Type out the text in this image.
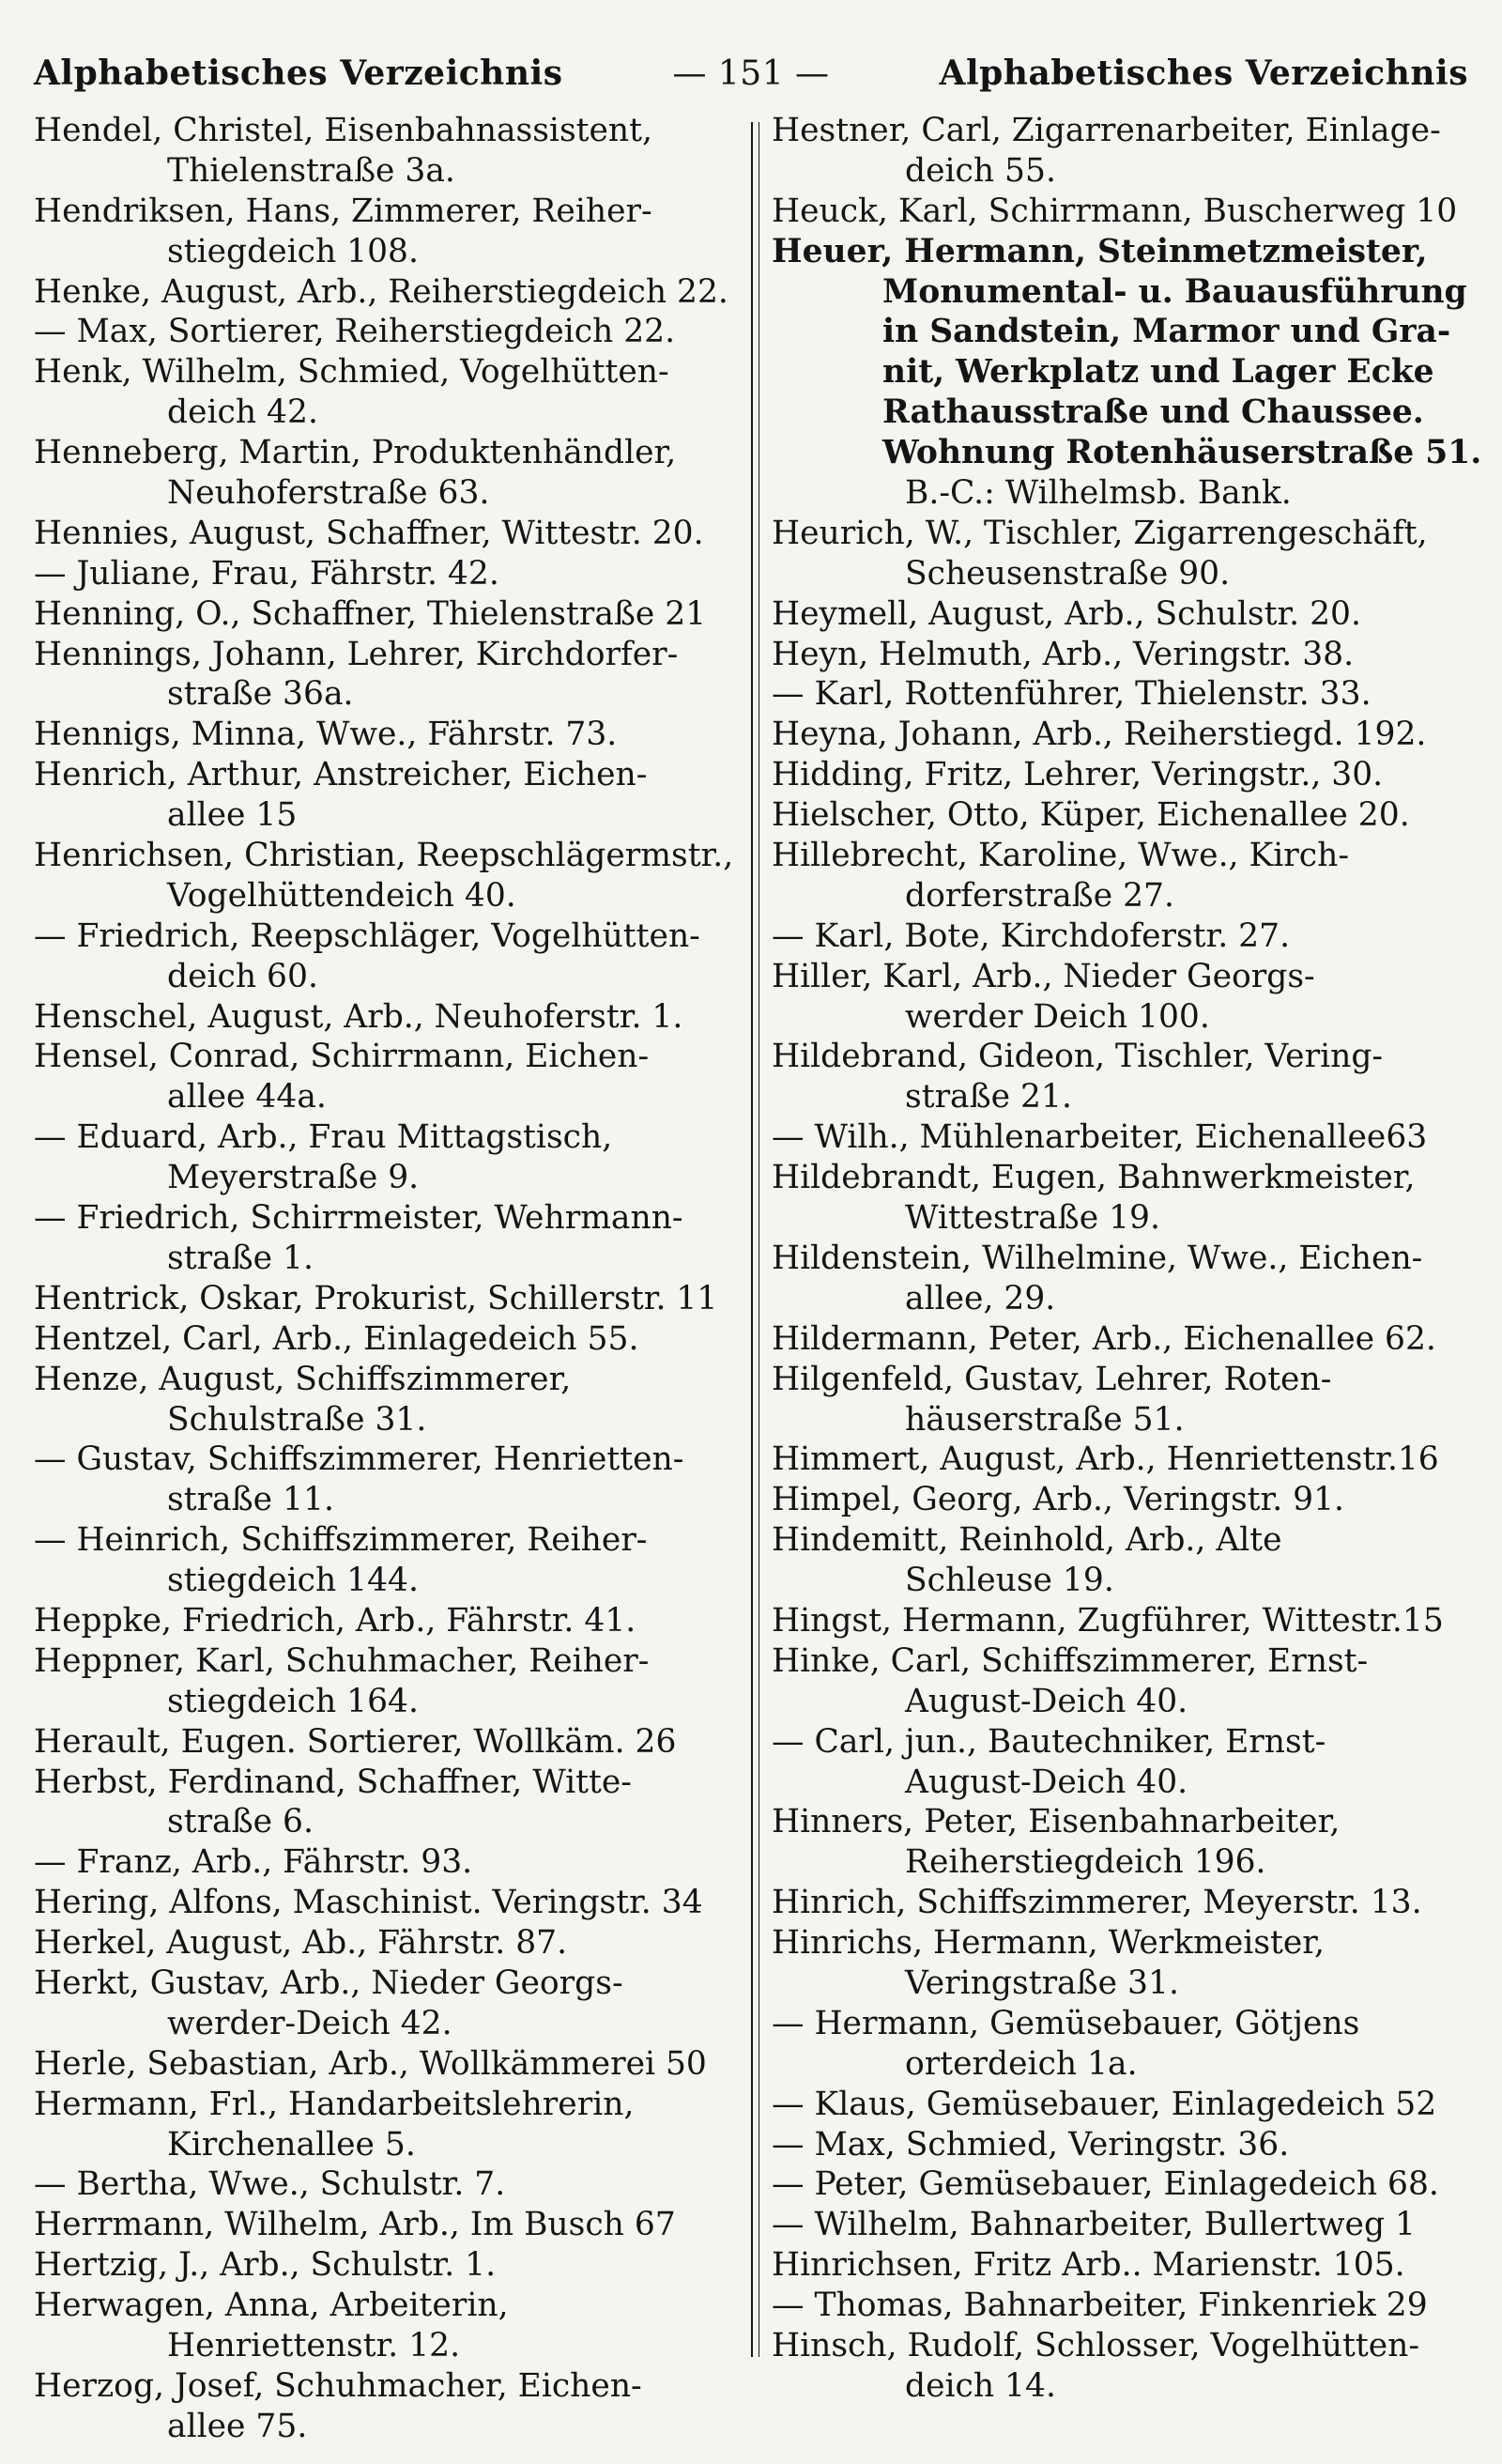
Alphabetisches Verzeichnis	— 151 —	Alphabetisches Verzeichnis
Hendel, Christel, Eisenbahnassistent,
Thielenstraße 3a.
Hendriksen, Hans, Zimmerer, Reiher-
stiegdeich 108.
Henke, August, Arb., Reiherstiegdeich 22.
— Max, Sortierer, Reiherstiegdeich 22.
Henk, Wilhelm, Schmied, Vogelhütten-
deich 42.
Henneberg, Martin, Produktenhändler,
Neuhoferstraße 63.
Hennies, August, Schaffner, Wittestr. 20.
— Juliane, Frau, Fährstr. 42.
Henning, O., Schaffner, Thielenstraße 21
Hennings, Johann, Lehrer, Kirchdorfer-
straße 36a.
Hennigs, Minna, Wwe., Fährstr. 73.
Henrich, Arthur, Anstreicher, Eichen-
allee 15
Henrichsen, Christian, Reepschlägermstr.,
Vogelhüttendeich 40.
— Friedrich, Reepschläger, Vogelhütten-
deich 60.
Henschel, August, Arb., Neuhoferstr. 1.
Hensel, Conrad, Schirrmann, Eichen-
allee 44a.
— Eduard, Arb., Frau Mittagstisch,
Meyerstraße 9.
— Friedrich, Schirrmeister, Wehrmann-
straße 1.
Hentrick, Oskar, Prokurist, Schillerstr. 11
Hentzel, Carl, Arb., Einlagedeich 55.
Henze, August, Schiffszimmerer,
Schulstraße 31.
— Gustav, Schiffszimmerer, Henrietten-
straße 11.
— Heinrich, Schiffszimmerer, Reiher-
stiegdeich 144.
Heppke, Friedrich, Arb., Fährstr. 41.
Heppner, Karl, Schuhmacher, Reiher-
stiegdeich 164.
Herault, Eugen. Sortierer, Wollkäm. 26
Herbst, Ferdinand, Schaffner, Witte-
straße 6.
— Franz, Arb., Fährstr. 93.
Hering, Alfons, Maschinist. Veringstr. 34
Herkel, August, Ab., Fährstr. 87.
Herkt, Gustav, Arb., Nieder Georgs-
werder-Deich 42.
Herle, Sebastian, Arb., Wollkämmerei 50
Hermann, Frl., Handarbeitslehrerin,
Kirchenallee 5.
— Bertha, Wwe., Schulstr. 7.
Herrmann, Wilhelm, Arb., Im Busch 67
Hertzig, J., Arb., Schulstr. 1.
Herwagen, Anna, Arbeiterin,
Henriettenstr. 12.
Herzog, Josef, Schuhmacher, Eichen-
allee 75.
Hestner, Carl, Zigarrenarbeiter, Einlage-
deich 55.
Heuck, Karl, Schirrmann, Buscherweg 10
Heuer, Hermann, Steinmetzmeister,
Monumental- u. Bauausführung
in Sandstein, Marmor und Gra-
nit, Werkplatz und Lager Ecke
Rathausstraße und Chaussee.
Wohnung Rotenhäuserstraße 51.
B.-C.: Wilhelmsb. Bank.
Heurich, W., Tischler, Zigarrengeschäft,
Scheusenstraße 90.
Heymell, August, Arb., Schulstr. 20.
Heyn, Helmuth, Arb., Veringstr. 38.
— Karl, Rottenführer, Thielenstr. 33.
Heyna, Johann, Arb., Reiherstiegd. 192.
Hidding, Fritz, Lehrer, Veringstr., 30.
Hielscher, Otto, Küper, Eichenallee 20.
Hillebrecht, Karoline, Wwe., Kirch-
dorferstraße 27.
— Karl, Bote, Kirchdoferstr. 27.
Hiller, Karl, Arb., Nieder Georgs-
werder Deich 100.
Hildebrand, Gideon, Tischler, Vering-
straße 21.
— Wilh., Mühlenarbeiter, Eichenallee63
Hildebrandt, Eugen, Bahnwerkmeister,
Wittestraße 19.
Hildenstein, Wilhelmine, Wwe., Eichen-
allee, 29.
Hildermann, Peter, Arb., Eichenallee 62.
Hilgenfeld, Gustav, Lehrer, Roten-
häuserstraße 51.
Himmert, August, Arb., Henriettenstr.16
Himpel, Georg, Arb., Veringstr. 91.
Hindemitt, Reinhold, Arb., Alte
Schleuse 19.
Hingst, Hermann, Zugführer, Wittestr.15
Hinke, Carl, Schiffszimmerer, Ernst-
August-Deich 40.
— Carl, jun., Bautechniker, Ernst-
August-Deich 40.
Hinners, Peter, Eisenbahnarbeiter,
Reiherstiegdeich 196.
Hinrich, Schiffszimmerer, Meyerstr. 13.
Hinrichs, Hermann, Werkmeister,
Veringstraße 31.
— Hermann, Gemüsebauer, Götjens
orterdeich 1a.
— Klaus, Gemüsebauer, Einlagedeich 52
— Max, Schmied, Veringstr. 36.
— Peter, Gemüsebauer, Einlagedeich 68.
— Wilhelm, Bahnarbeiter, Bullertweg 1
Hinrichsen, Fritz Arb.. Marienstr. 105.
— Thomas, Bahnarbeiter, Finkenriek 29
Hinsch, Rudolf, Schlosser, Vogelhütten-
deich 14.
